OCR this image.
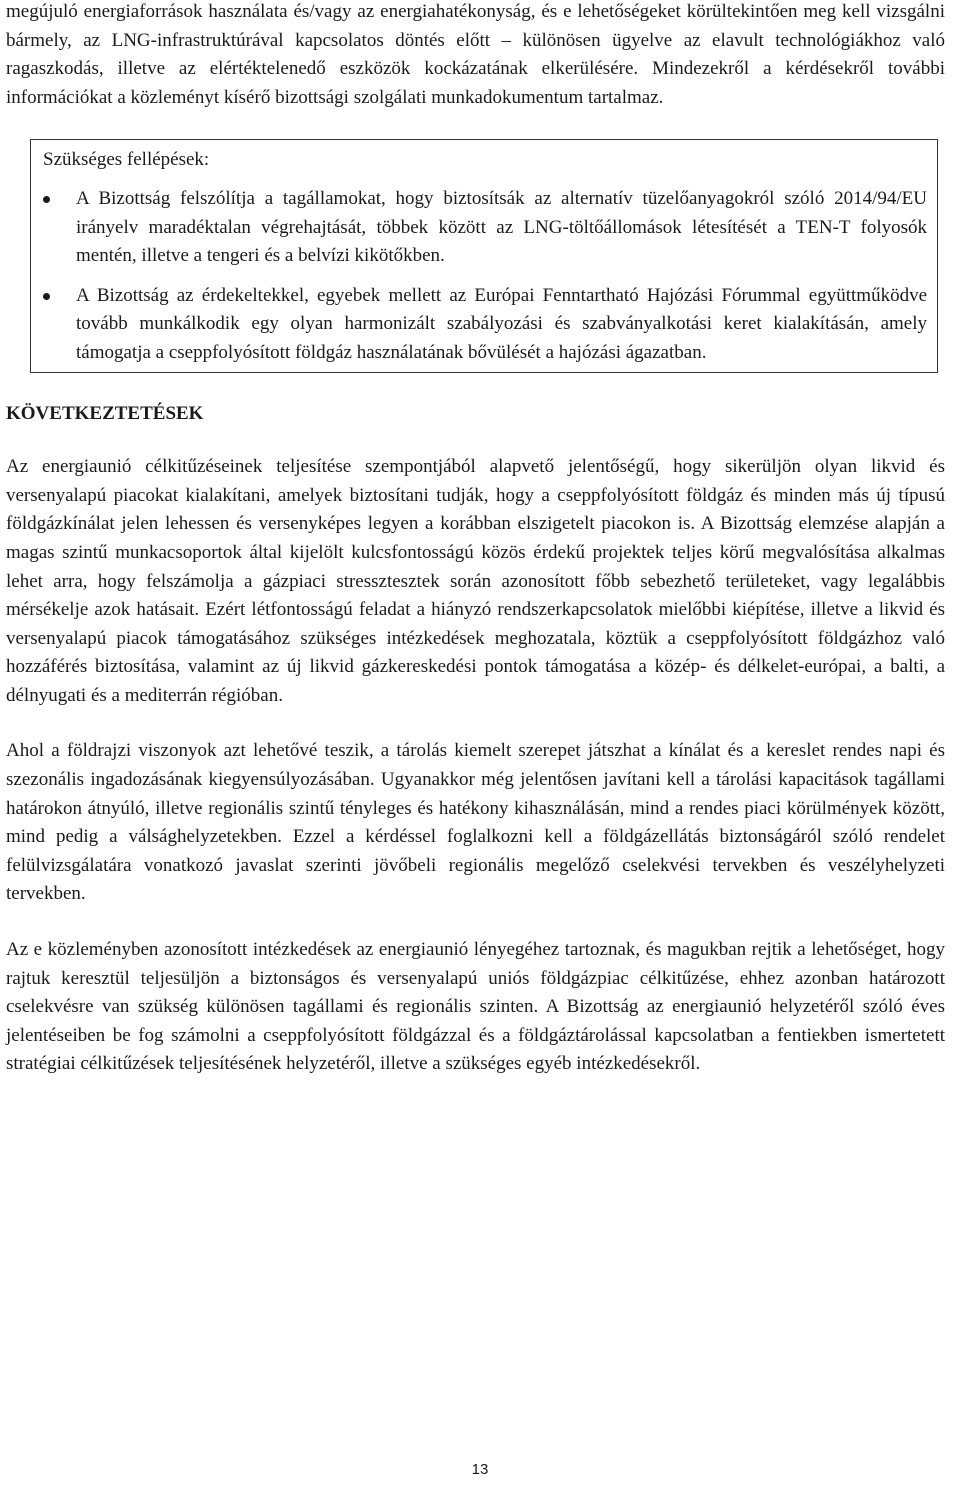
megújuló energiaforrások használata és/vagy az energiahatékonyság, és e lehetőségeket körültekintően meg kell vizsgálni bármely, az LNG-infrastruktúrával kapcsolatos döntés előtt – különösen ügyelve az elavult technológiákhoz való ragaszkodás, illetve az elértéktelenedő eszközök kockázatának elkerülésére. Mindezekről a kérdésekről további információkat a közleményt kísérő bizottsági szolgálati munkadokumentum tartalmaz.

Szükséges fellépések:
A Bizottság felszólítja a tagállamokat, hogy biztosítsák az alternatív tüzelőanyagokról szóló 2014/94/EU irányelv maradéktalan végrehajtását, többek között az LNG-töltőállomások létesítését a TEN-T folyosók mentén, illetve a tengeri és a belvízi kikötőkben.
A Bizottság az érdekeltekkel, egyebek mellett az Európai Fenntartható Hajózási Fórummal együttműködve tovább munkálkodik egy olyan harmonizált szabályozási és szabványalkotási keret kialakításán, amely támogatja a cseppfolyósított földgáz használatának bővülését a hajózási ágazatban.
KÖVETKEZTETÉSEK

Az energiaunió célkitűzéseinek teljesítése szempontjából alapvető jelentőségű, hogy sikerüljön olyan likvid és versenyalapú piacokat kialakítani, amelyek biztosítani tudják, hogy a cseppfolyósított földgáz és minden más új típusú földgázkínálat jelen lehessen és versenyképes legyen a korábban elszigetelt piacokon is. A Bizottság elemzése alapján a magas szintű munkacsoportok által kijelölt kulcsfontosságú közös érdekű projektek teljes körű megvalósítása alkalmas lehet arra, hogy felszámolja a gázpiaci stressztesztek során azonosított főbb sebezhető területeket, vagy legalábbis mérsékelje azok hatásait. Ezért létfontosságú feladat a hiányzó rendszerkapcsolatok mielőbbi kiépítése, illetve a likvid és versenyalapú piacok támogatásához szükséges intézkedések meghozatala, köztük a cseppfolyósított földgázhoz való hozzáférés biztosítása, valamint az új likvid gázkereskedési pontok támogatása a közép- és délkelet-európai, a balti, a délnyugati és a mediterrán régióban.

Ahol a földrajzi viszonyok azt lehetővé teszik, a tárolás kiemelt szerepet játszhat a kínálat és a kereslet rendes napi és szezonális ingadozásának kiegyensúlyozásában. Ugyanakkor még jelentősen javítani kell a tárolási kapacitások tagállami határokon átnyúló, illetve regionális szintű tényleges és hatékony kihasználásán, mind a rendes piaci körülmények között, mind pedig a válsághelyzetekben. Ezzel a kérdéssel foglalkozni kell a földgázellátás biztonságáról szóló rendelet felülvizsgálatára vonatkozó javaslat szerinti jövőbeli regionális megelőző cselekvési tervekben és veszélyhelyzeti tervekben.

Az e közleményben azonosított intézkedések az energiaunió lényegéhez tartoznak, és magukban rejtik a lehetőséget, hogy rajtuk keresztül teljesüljön a biztonságos és versenyalapú uniós földgázpiac célkitűzése, ehhez azonban határozott cselekvésre van szükség különösen tagállami és regionális szinten. A Bizottság az energiaunió helyzetéről szóló éves jelentéseiben be fog számolni a cseppfolyósított földgázzal és a földgáztárolással kapcsolatban a fentiekben ismertetett stratégiai célkitűzések teljesítésének helyzetéről, illetve a szükséges egyéb intézkedésekről.

13
